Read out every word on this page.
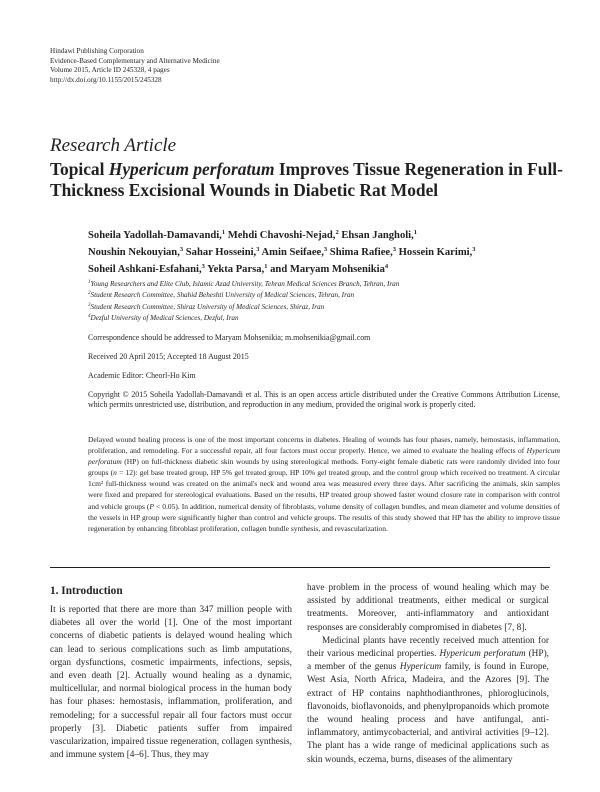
Hindawi Publishing Corporation
Evidence-Based Complementary and Alternative Medicine
Volume 2015, Article ID 245328, 4 pages
http://dx.doi.org/10.1155/2015/245328
Research Article
Topical Hypericum perforatum Improves Tissue Regeneration in Full-Thickness Excisional Wounds in Diabetic Rat Model
Soheila Yadollah-Damavandi,$^1$ Mehdi Chavoshi-Nejad,$^2$ Ehsan Jangholi,$^1$
Noushin Nekouyian,$^3$ Sahar Hosseini,$^3$ Amin Seifaee,$^3$ Shima Rafiee,$^3$ Hossein Karimi,$^3$
Soheil Ashkani-Esfahani,$^3$ Yekta Parsa,$^1$ and Maryam Mohsenikia$^4$
$^1$Young Researchers and Elite Club, Islamic Azad University, Tehran Medical Sciences Branch, Tehran, Iran
$^2$Student Research Committee, Shahid Beheshti University of Medical Sciences, Tehran, Iran
$^3$Student Research Committee, Shiraz University of Medical Sciences, Shiraz, Iran
$^4$Dezful University of Medical Sciences, Dezful, Iran
Correspondence should be addressed to Maryam Mohsenikia; m.mohsenikia@gmail.com
Received 20 April 2015; Accepted 18 August 2015
Academic Editor: Cheorl-Ho Kim
Copyright © 2015 Soheila Yadollah-Damavandi et al. This is an open access article distributed under the Creative Commons Attribution License, which permits unrestricted use, distribution, and reproduction in any medium, provided the original work is properly cited.
Delayed wound healing process is one of the most important concerns in diabetes. Healing of wounds has four phases, namely, hemostasis, inflammation, proliferation, and remodeling. For a successful repair, all four factors must occur properly. Hence, we aimed to evaluate the healing effects of Hypericum perforatum (HP) on full-thickness diabetic skin wounds by using stereological methods. Forty-eight female diabetic rats were randomly divided into four groups (n = 12): gel base treated group, HP 5% gel treated group, HP 10% gel treated group, and the control group which received no treatment. A circular 1cm² full-thickness wound was created on the animal's neck and wound area was measured every three days. After sacrificing the animals, skin samples were fixed and prepared for stereological evaluations. Based on the results, HP treated group showed faster wound closure rate in comparison with control and vehicle groups (P < 0.05). In addition, numerical density of fibroblasts, volume density of collagen bundles, and mean diameter and volume densities of the vessels in HP group were significantly higher than control and vehicle groups. The results of this study showed that HP has the ability to improve tissue regeneration by enhancing fibroblast proliferation, collagen bundle synthesis, and revascularization.
1. Introduction

It is reported that there are more than 347 million people with diabetes all over the world [1]. One of the most important concerns of diabetic patients is delayed wound healing which can lead to serious complications such as limb amputations, organ dysfunctions, cosmetic impairments, infections, sepsis, and even death [2]. Actually wound healing as a dynamic, multicellular, and normal biological process in the human body has four phases: hemostasis, inflammation, proliferation, and remodeling; for a successful repair all four factors must occur properly [3]. Diabetic patients suffer from impaired vascularization, impaired tissue regeneration, collagen synthesis, and immune system [4–6]. Thus, they may

have problem in the process of wound healing which may be assisted by additional treatments, either medical or surgical treatments. Moreover, anti-inflammatory and antioxidant responses are considerably compromised in diabetes [7, 8].

Medicinal plants have recently received much attention for their various medicinal properties. Hypericum perforatum (HP), a member of the genus Hypericum family, is found in Europe, West Asia, North Africa, Madeira, and the Azores [9]. The extract of HP contains naphthodianthrones, phloroglucinols, flavonoids, bioflavonoids, and phenylpropanoids which promote the wound healing process and have antifungal, anti-inflammatory, antimycobacterial, and antiviral activities [9–12]. The plant has a wide range of medicinal applications such as skin wounds, eczema, burns, diseases of the alimentary
